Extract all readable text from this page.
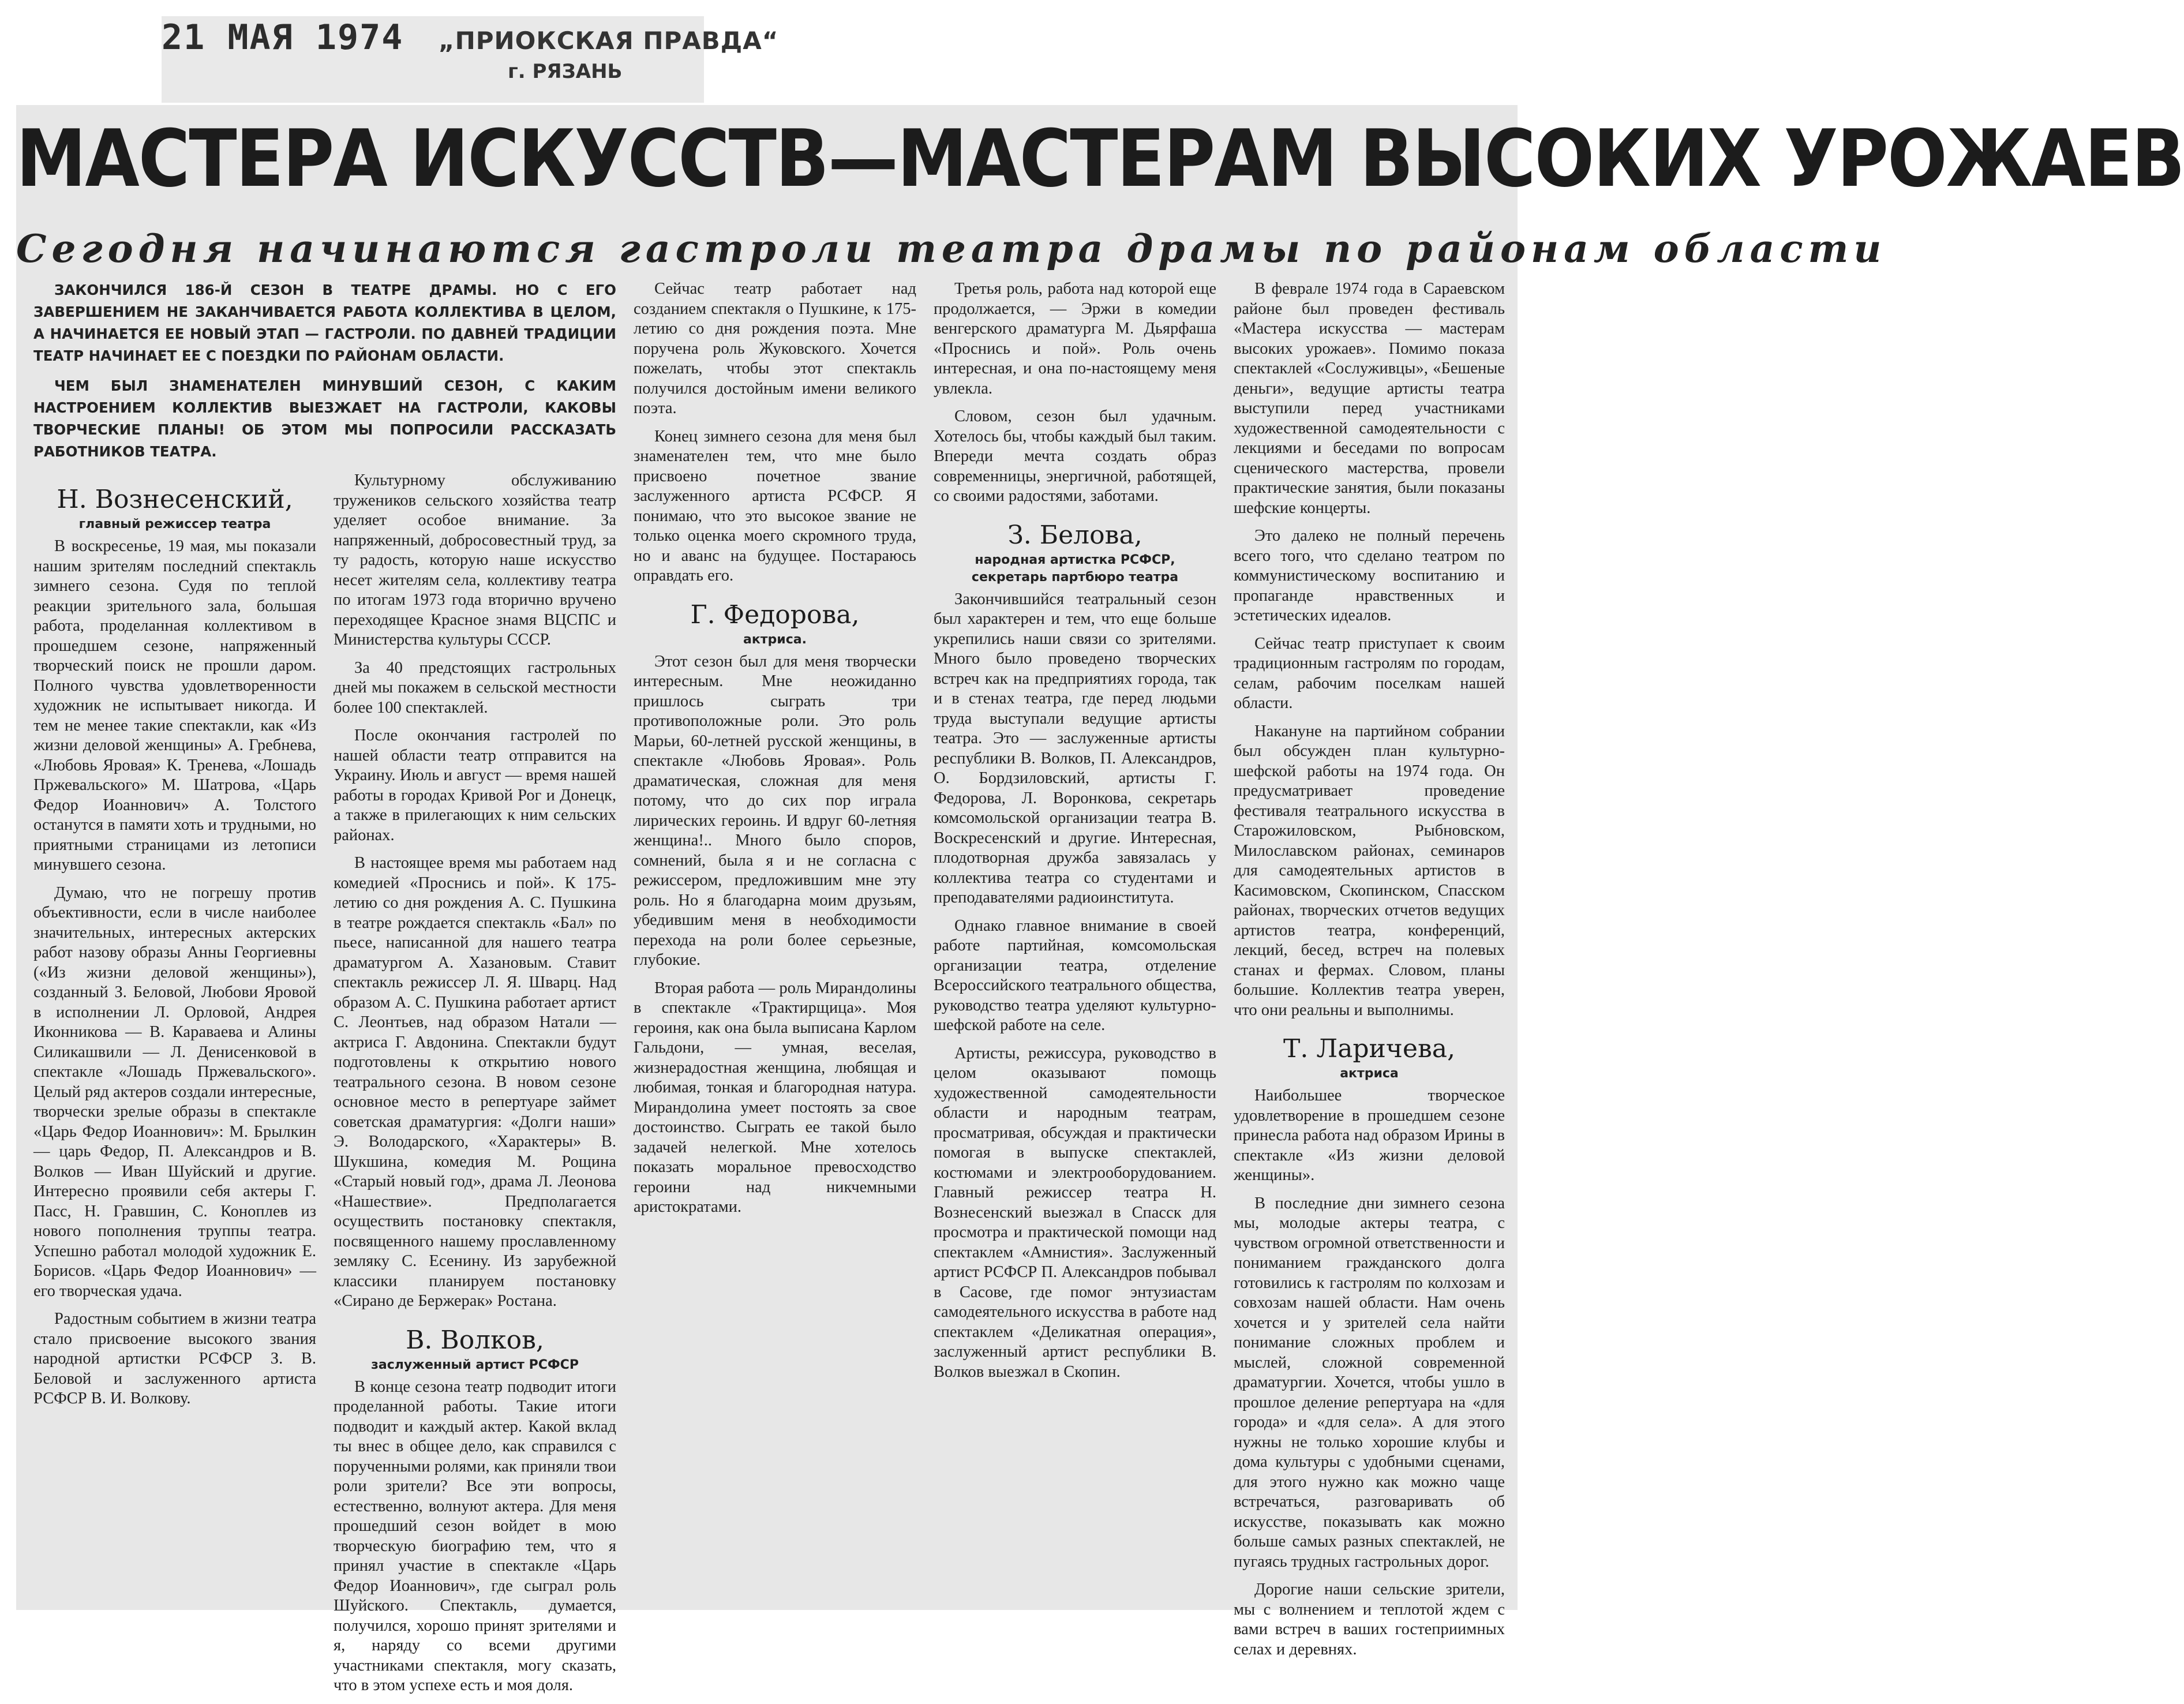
21 МАЯ 1974 „ПРИОКСКАЯ ПРАВДА“
г. РЯЗАНЬ
МАСТЕРА ИСКУССТВ—МАСТЕРАМ ВЫСОКИХ УРОЖАЕВ
Сегодня начинаются гастроли театра драмы по районам области

ЗАКОНЧИЛСЯ 186-Й СЕЗОН В ТЕАТРЕ ДРАМЫ. НО С ЕГО ЗАВЕРШЕНИЕМ НЕ ЗАКАНЧИВАЕТСЯ РАБОТА КОЛЛЕКТИВА В ЦЕЛОМ, А НАЧИНАЕТСЯ ЕЕ НОВЫЙ ЭТАП — ГАСТРОЛИ. ПО ДАВНЕЙ ТРАДИЦИИ ТЕАТР НАЧИНАЕТ ЕЕ С ПОЕЗДКИ ПО РАЙОНАМ ОБЛАСТИ.

ЧЕМ БЫЛ ЗНАМЕНАТЕЛЕН МИНУВШИЙ СЕЗОН, С КАКИМ НАСТРОЕНИЕМ КОЛЛЕКТИВ ВЫЕЗЖАЕТ НА ГАСТРОЛИ, КАКОВЫ ТВОРЧЕСКИЕ ПЛАНЫ! ОБ ЭТОМ МЫ ПОПРОСИЛИ РАССКАЗАТЬ РАБОТНИКОВ ТЕАТРА.

Н. Вознесенский,
главный режиссер театра

В воскресенье, 19 мая, мы показали нашим зрителям последний спектакль зимнего сезона. Судя по теплой реакции зрительного зала, большая работа, проделанная коллективом в прошедшем сезоне, напряженный творческий поиск не прошли даром. Полного чувства удовлетворенности художник не испытывает никогда. И тем не менее такие спектакли, как «Из жизни деловой женщины» А. Гребнева, «Любовь Яровая» К. Тренева, «Лошадь Пржевальского» М. Шатрова, «Царь Федор Иоаннович» А. Толстого останутся в памяти хоть и трудными, но приятными страницами из летописи минувшего сезона.

Думаю, что не погрешу против объективности, если в числе наиболее значительных, интересных актерских работ назову образы Анны Георгиевны («Из жизни деловой женщины»), созданный З. Беловой, Любови Яровой в исполнении Л. Орловой, Андрея Иконникова — В. Караваева и Алины Силикашвили — Л. Денисенковой в спектакле «Лошадь Пржевальского». Целый ряд актеров создали интересные, творчески зрелые образы в спектакле «Царь Федор Иоаннович»: М. Брылкин — царь Федор, П. Александров и В. Волков — Иван Шуйский и другие. Интересно проявили себя актеры Г. Пасс, Н. Гравшин, С. Коноплев из нового пополнения труппы театра. Успешно работал молодой художник Е. Борисов. «Царь Федор Иоаннович» — его творческая удача.

Радостным событием в жизни театра стало присвоение высокого звания народной артистки РСФСР З. В. Беловой и заслуженного артиста РСФСР В. И. Волкову.

Культурному обслуживанию тружеников сельского хозяйства театр уделяет особое внимание. За напряженный, добросовестный труд, за ту радость, которую наше искусство несет жителям села, коллективу театра по итогам 1973 года вторично вручено переходящее Красное знамя ВЦСПС и Министерства культуры СССР.

За 40 предстоящих гастрольных дней мы покажем в сельской местности более 100 спектаклей.

После окончания гастролей по нашей области театр отправится на Украину. Июль и август — время нашей работы в городах Кривой Рог и Донецк, а также в прилегающих к ним сельских районах.

В настоящее время мы работаем над комедией «Проснись и пой». К 175-летию со дня рождения А. С. Пушкина в театре рождается спектакль «Бал» по пьесе, написанной для нашего театра драматургом А. Хазановым. Ставит спектакль режиссер Л. Я. Шварц. Над образом А. С. Пушкина работает артист С. Леонтьев, над образом Натали — актриса Г. Авдонина. Спектакли будут подготовлены к открытию нового театрального сезона. В новом сезоне основное место в репертуаре займет советская драматургия: «Долги наши» Э. Володарского, «Характеры» В. Шукшина, комедия М. Рощина «Старый новый год», драма Л. Леонова «Нашествие». Предполагается осуществить постановку спектакля, посвященного нашему прославленному земляку С. Есенину. Из зарубежной классики планируем постановку «Сирано де Бержерак» Ростана.

В. Волков,
заслуженный артист РСФСР

В конце сезона театр подводит итоги проделанной работы. Такие итоги подводит и каждый актер. Какой вклад ты внес в общее дело, как справился с порученными ролями, как приняли твои роли зрители? Все эти вопросы, естественно, волнуют актера. Для меня прошедший сезон войдет в мою творческую биографию тем, что я принял участие в спектакле «Царь Федор Иоаннович», где сыграл роль Шуйского. Спектакль, думается, получился, хорошо принят зрителями и я, наряду со всеми другими участниками спектакля, могу сказать, что в этом успехе есть и моя доля.

Сейчас театр работает над созданием спектакля о Пушкине, к 175-летию со дня рождения поэта. Мне поручена роль Жуковского. Хочется пожелать, чтобы этот спектакль получился достойным имени великого поэта.

Конец зимнего сезона для меня был знаменателен тем, что мне было присвоено почетное звание заслуженного артиста РСФСР. Я понимаю, что это высокое звание не только оценка моего скромного труда, но и аванс на будущее. Постараюсь оправдать его.

Г. Федорова,
актриса.

Этот сезон был для меня творчески интересным. Мне неожиданно пришлось сыграть три противоположные роли. Это роль Марьи, 60-летней русской женщины, в спектакле «Любовь Яровая». Роль драматическая, сложная для меня потому, что до сих пор играла лирических героинь. И вдруг 60-летняя женщина!.. Много было споров, сомнений, была я и не согласна с режиссером, предложившим мне эту роль. Но я благодарна моим друзьям, убедившим меня в необходимости перехода на роли более серьезные, глубокие.

Вторая работа — роль Мирандолины в спектакле «Трактирщица». Моя героиня, как она была выписана Карлом Гальдони, — умная, веселая, жизнерадостная женщина, любящая и любимая, тонкая и благородная натура. Мирандолина умеет постоять за свое достоинство. Сыграть ее такой было задачей нелегкой. Мне хотелось показать моральное превосходство героини над никчемными аристократами.

Третья роль, работа над которой еще продолжается, — Эржи в комедии венгерского драматурга М. Дьярфаша «Проснись и пой». Роль очень интересная, и она по-настоящему меня увлекла.

Словом, сезон был удачным. Хотелось бы, чтобы каждый был таким. Впереди мечта создать образ современницы, энергичной, работящей, со своими радостями, заботами.

З. Белова,
народная артистка РСФСР,
секретарь партбюро театра

Закончившийся театральный сезон был характерен и тем, что еще больше укрепились наши связи со зрителями. Много было проведено творческих встреч как на предприятиях города, так и в стенах театра, где перед людьми труда выступали ведущие артисты театра. Это — заслуженные артисты республики В. Волков, П. Александров, О. Бордзиловский, артисты Г. Федорова, Л. Воронкова, секретарь комсомольской организации театра В. Воскресенский и другие. Интересная, плодотворная дружба завязалась у коллектива театра со студентами и преподавателями радиоинститута.

Однако главное внимание в своей работе партийная, комсомольская организации театра, отделение Всероссийского театрального общества, руководство театра уделяют культурно-шефской работе на селе.

Артисты, режиссура, руководство в целом оказывают помощь художественной самодеятельности области и народным театрам, просматривая, обсуждая и практически помогая в выпуске спектаклей, костюмами и электрооборудованием. Главный режиссер театра Н. Вознесенский выезжал в Спасск для просмотра и практической помощи над спектаклем «Амнистия». Заслуженный артист РСФСР П. Александров побывал в Сасове, где помог энтузиастам самодеятельного искусства в работе над спектаклем «Деликатная операция», заслуженный артист республики В. Волков выезжал в Скопин.

В феврале 1974 года в Сараевском районе был проведен фестиваль «Мастера искусства — мастерам высоких урожаев». Помимо показа спектаклей «Сослуживцы», «Бешеные деньги», ведущие артисты театра выступили перед участниками художественной самодеятельности с лекциями и беседами по вопросам сценического мастерства, провели практические занятия, были показаны шефские концерты.

Это далеко не полный перечень всего того, что сделано театром по коммунистическому воспитанию и пропаганде нравственных и эстетических идеалов.

Сейчас театр приступает к своим традиционным гастролям по городам, селам, рабочим поселкам нашей области.

Накануне на партийном собрании был обсужден план культурно-шефской работы на 1974 года. Он предусматривает проведение фестиваля театрального искусства в Старожиловском, Рыбновском, Милославском районах, семинаров для самодеятельных артистов в Касимовском, Скопинском, Спасском районах, творческих отчетов ведущих артистов театра, конференций, лекций, бесед, встреч на полевых станах и фермах. Словом, планы большие. Коллектив театра уверен, что они реальны и выполнимы.

Т. Ларичева,
актриса

Наибольшее творческое удовлетворение в прошедшем сезоне принесла работа над образом Ирины в спектакле «Из жизни деловой женщины».

В последние дни зимнего сезона мы, молодые актеры театра, с чувством огромной ответственности и пониманием гражданского долга готовились к гастролям по колхозам и совхозам нашей области. Нам очень хочется и у зрителей села найти понимание сложных проблем и мыслей, сложной современной драматургии. Хочется, чтобы ушло в прошлое деление репертуара на «для города» и «для села». А для этого нужны не только хорошие клубы и дома культуры с удобными сценами, для этого нужно как можно чаще встречаться, разговаривать об искусстве, показывать как можно больше самых разных спектаклей, не пугаясь трудных гастрольных дорог.

Дорогие наши сельские зрители, мы с волнением и теплотой ждем с вами встреч в ваших гостеприимных селах и деревнях.
